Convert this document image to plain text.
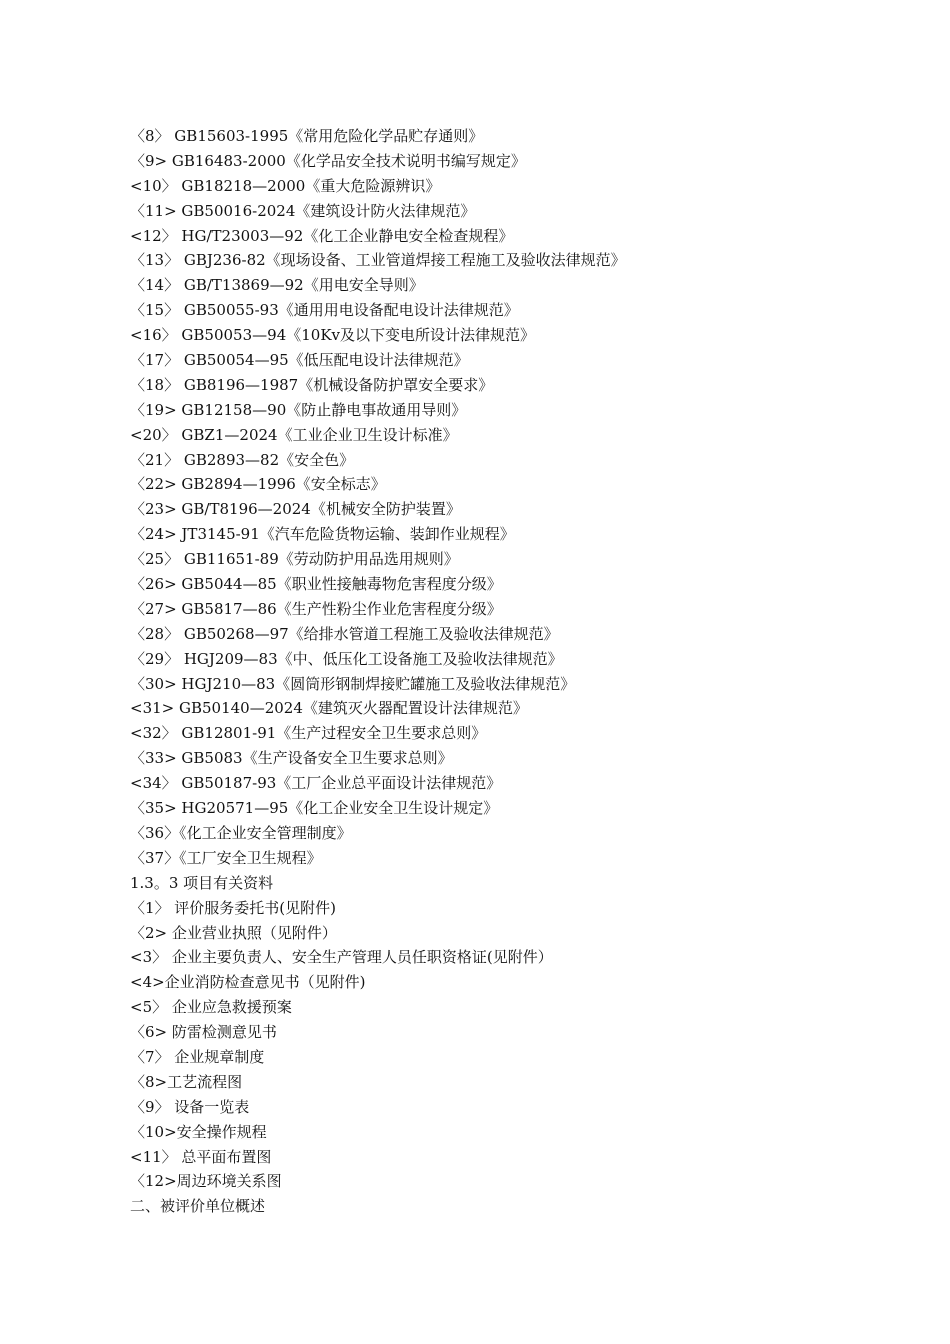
〈8〉 GB15603-1995《常用危险化学品贮存通则》
〈9> GB16483-2000《化学品安全技术说明书编写规定》
<10〉 GB18218—2000《重大危险源辨识》
〈11> GB50016-2024《建筑设计防火法律规范》
<12〉 HG/T23003—92《化工企业静电安全检查规程》
〈13〉 GBJ236-82《现场设备、工业管道焊接工程施工及验收法律规范》
〈14〉 GB/T13869—92《用电安全导则》
〈15〉 GB50055-93《通用用电设备配电设计法律规范》
<16〉 GB50053—94《10Kv及以下变电所设计法律规范》
〈17〉 GB50054—95《低压配电设计法律规范》
〈18〉 GB8196—1987《机械设备防护罩安全要求》
〈19> GB12158—90《防止静电事故通用导则》
<20〉 GBZ1—2024《工业企业卫生设计标准》
〈21〉 GB2893—82《安全色》
〈22> GB2894—1996《安全标志》
〈23> GB/T8196—2024《机械安全防护装置》
〈24> JT3145-91《汽车危险货物运输、装卸作业规程》
〈25〉 GB11651-89《劳动防护用品选用规则》
〈26> GB5044—85《职业性接触毒物危害程度分级》
〈27> GB5817—86《生产性粉尘作业危害程度分级》
〈28〉 GB50268—97《给排水管道工程施工及验收法律规范》
〈29〉 HGJ209—83《中、低压化工设备施工及验收法律规范》
〈30> HGJ210—83《圆筒形钢制焊接贮罐施工及验收法律规范》
<31> GB50140—2024《建筑灭火器配置设计法律规范》
<32〉 GB12801-91《生产过程安全卫生要求总则》
〈33> GB5083《生产设备安全卫生要求总则》
<34〉 GB50187-93《工厂企业总平面设计法律规范》
〈35> HG20571—95《化工企业安全卫生设计规定》
〈36〉《化工企业安全管理制度》
〈37〉《工厂安全卫生规程》
1.3。3 项目有关资料
〈1〉 评价服务委托书(见附件)
〈2> 企业营业执照（见附件）
<3〉 企业主要负责人、安全生产管理人员任职资格证(见附件）
<4>企业消防检查意见书（见附件)
<5〉 企业应急救援预案
〈6> 防雷检测意见书
〈7〉 企业规章制度
〈8>工艺流程图
〈9〉 设备一览表
〈10>安全操作规程
<11〉 总平面布置图
〈12>周边环境关系图
二、被评价单位概述
